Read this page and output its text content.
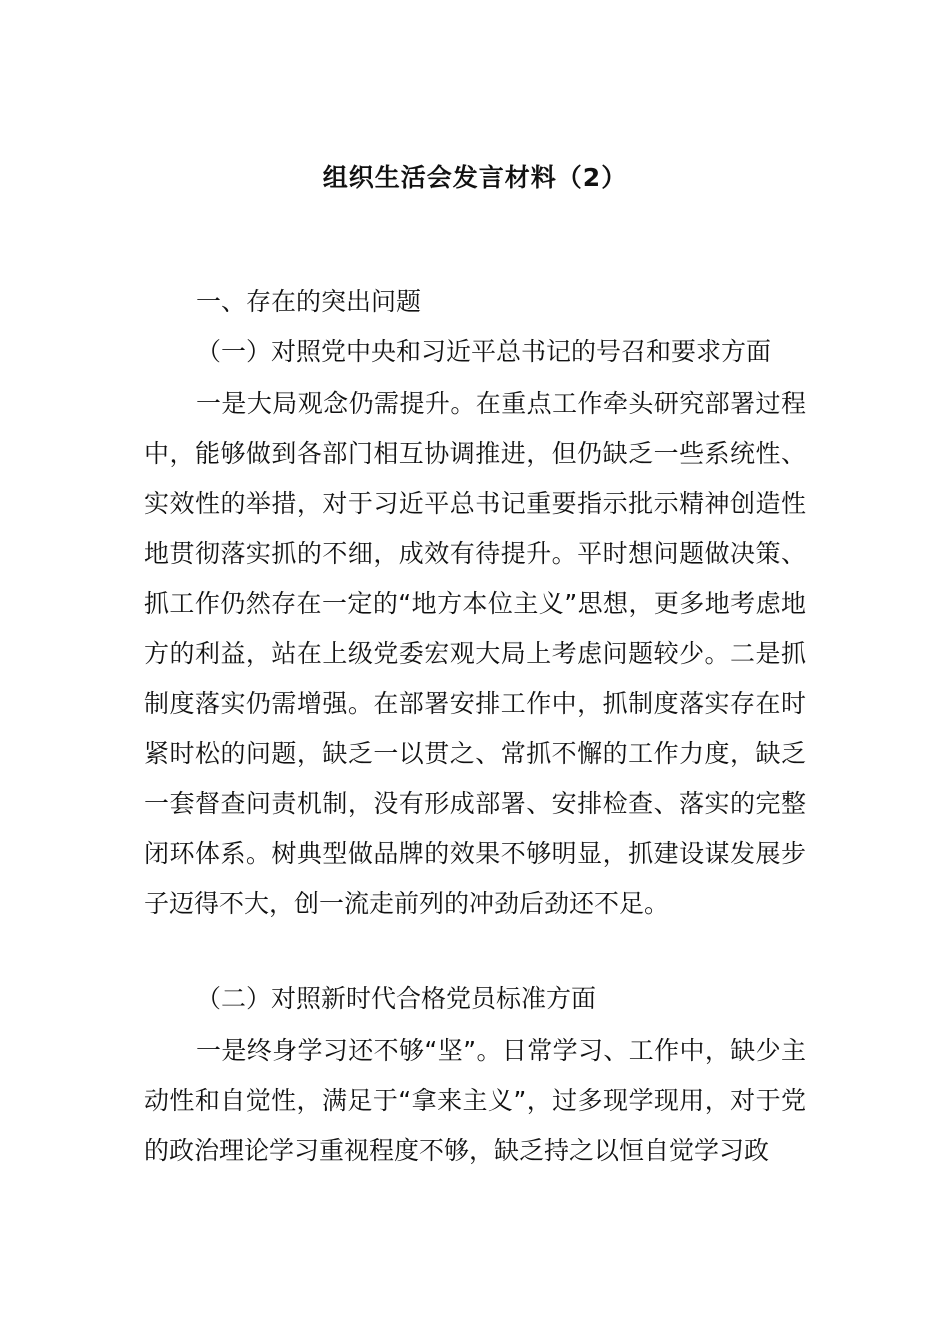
组织生活会发言材料（2）
一、存在的突出问题
（一）对照党中央和习近平总书记的号召和要求方面
一是大局观念仍需提升。在重点工作牵头研究部署过程中，能够做到各部门相互协调推进，但仍缺乏一些系统性、实效性的举措，对于习近平总书记重要指示批示精神创造性地贯彻落实抓的不细，成效有待提升。平时想问题做决策、抓工作仍然存在一定的“地方本位主义”思想，更多地考虑地方的利益，站在上级党委宏观大局上考虑问题较少。二是抓制度落实仍需增强。在部署安排工作中，抓制度落实存在时紧时松的问题，缺乏一以贯之、常抓不懈的工作力度，缺乏一套督查问责机制，没有形成部署、安排检查、落实的完整闭环体系。树典型做品牌的效果不够明显，抓建设谋发展步子迈得不大，创一流走前列的冲劲后劲还不足。
（二）对照新时代合格党员标准方面
一是终身学习还不够“坚”。日常学习、工作中，缺少主动性和自觉性，满足于“拿来主义”，过多现学现用，对于党的政治理论学习重视程度不够，缺乏持之以恒自觉学习政
